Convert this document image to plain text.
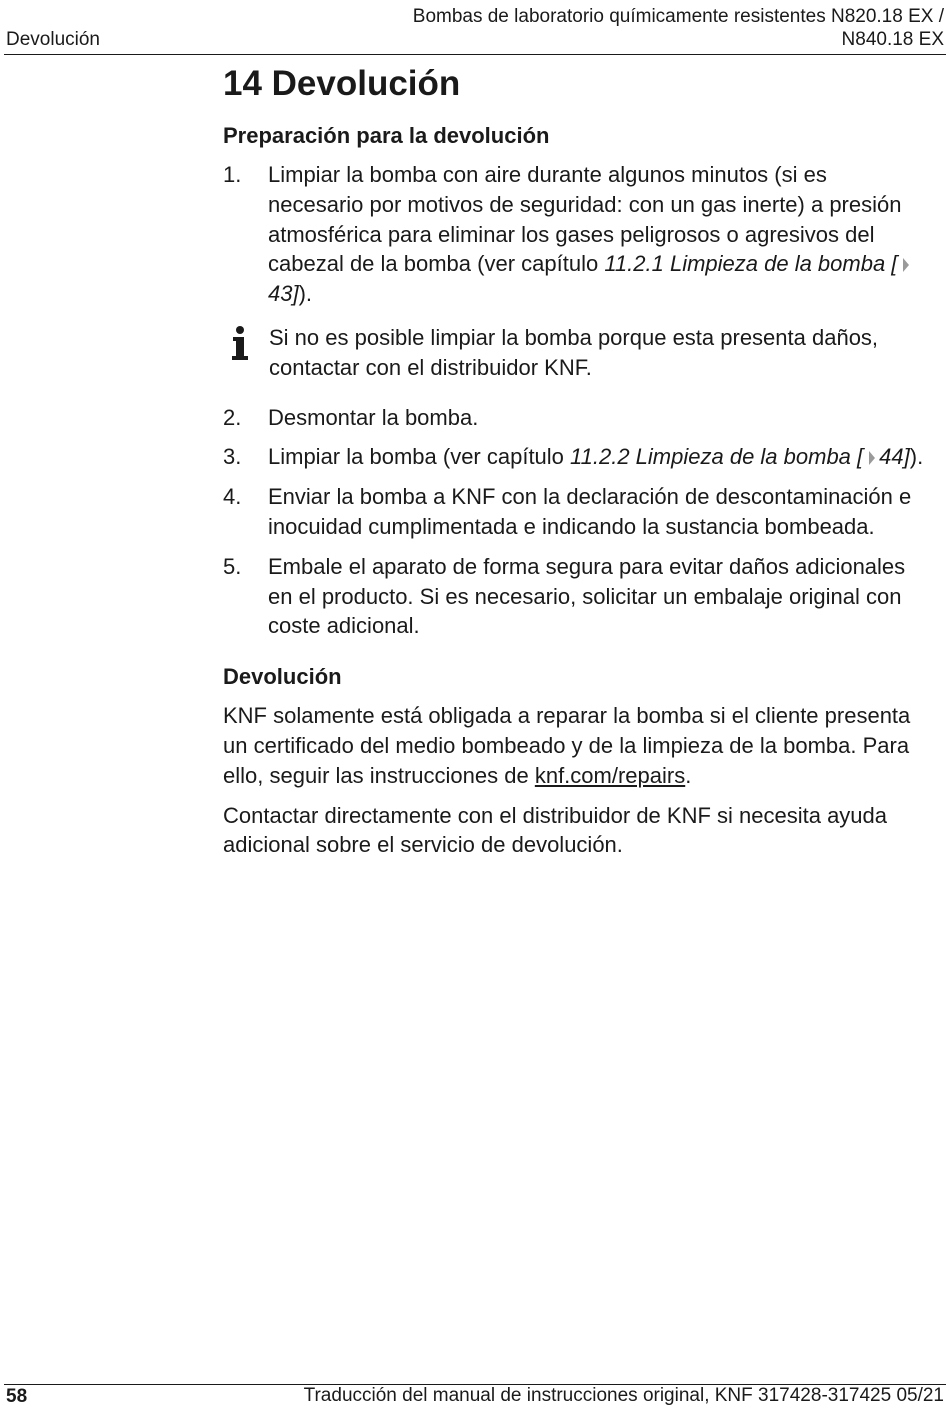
Devolución
Bombas de laboratorio químicamente resistentes N820.18 EX /
N840.18 EX
14 Devolución
Preparación para la devolución
1.	Limpiar la bomba con aire durante algunos minutos (si es necesario por motivos de seguridad: con un gas inerte) a presión atmosférica para eliminar los gases peligrosos o agresivos del cabezal de la bomba (ver capítulo 11.2.1 Limpieza de la bomba [43]).
Si no es posible limpiar la bomba porque esta presenta daños, contactar con el distribuidor KNF.
2.	Desmontar la bomba.
3.	Limpiar la bomba (ver capítulo 11.2.2 Limpieza de la bomba [ 44]).
4.	Enviar la bomba a KNF con la declaración de descontaminación e inocuidad cumplimentada e indicando la sustancia bombeada.
5.	Embale el aparato de forma segura para evitar daños adicionales en el producto. Si es necesario, solicitar un embalaje original con coste adicional.
Devolución
KNF solamente está obligada a reparar la bomba si el cliente presenta un certificado del medio bombeado y de la limpieza de la bomba. Para ello, seguir las instrucciones de knf.com/​repairs.
Contactar directamente con el distribuidor de KNF si necesita ayuda adicional sobre el servicio de devolución.
58	Traducción del manual de instrucciones original, KNF 317428-317425 05/21
